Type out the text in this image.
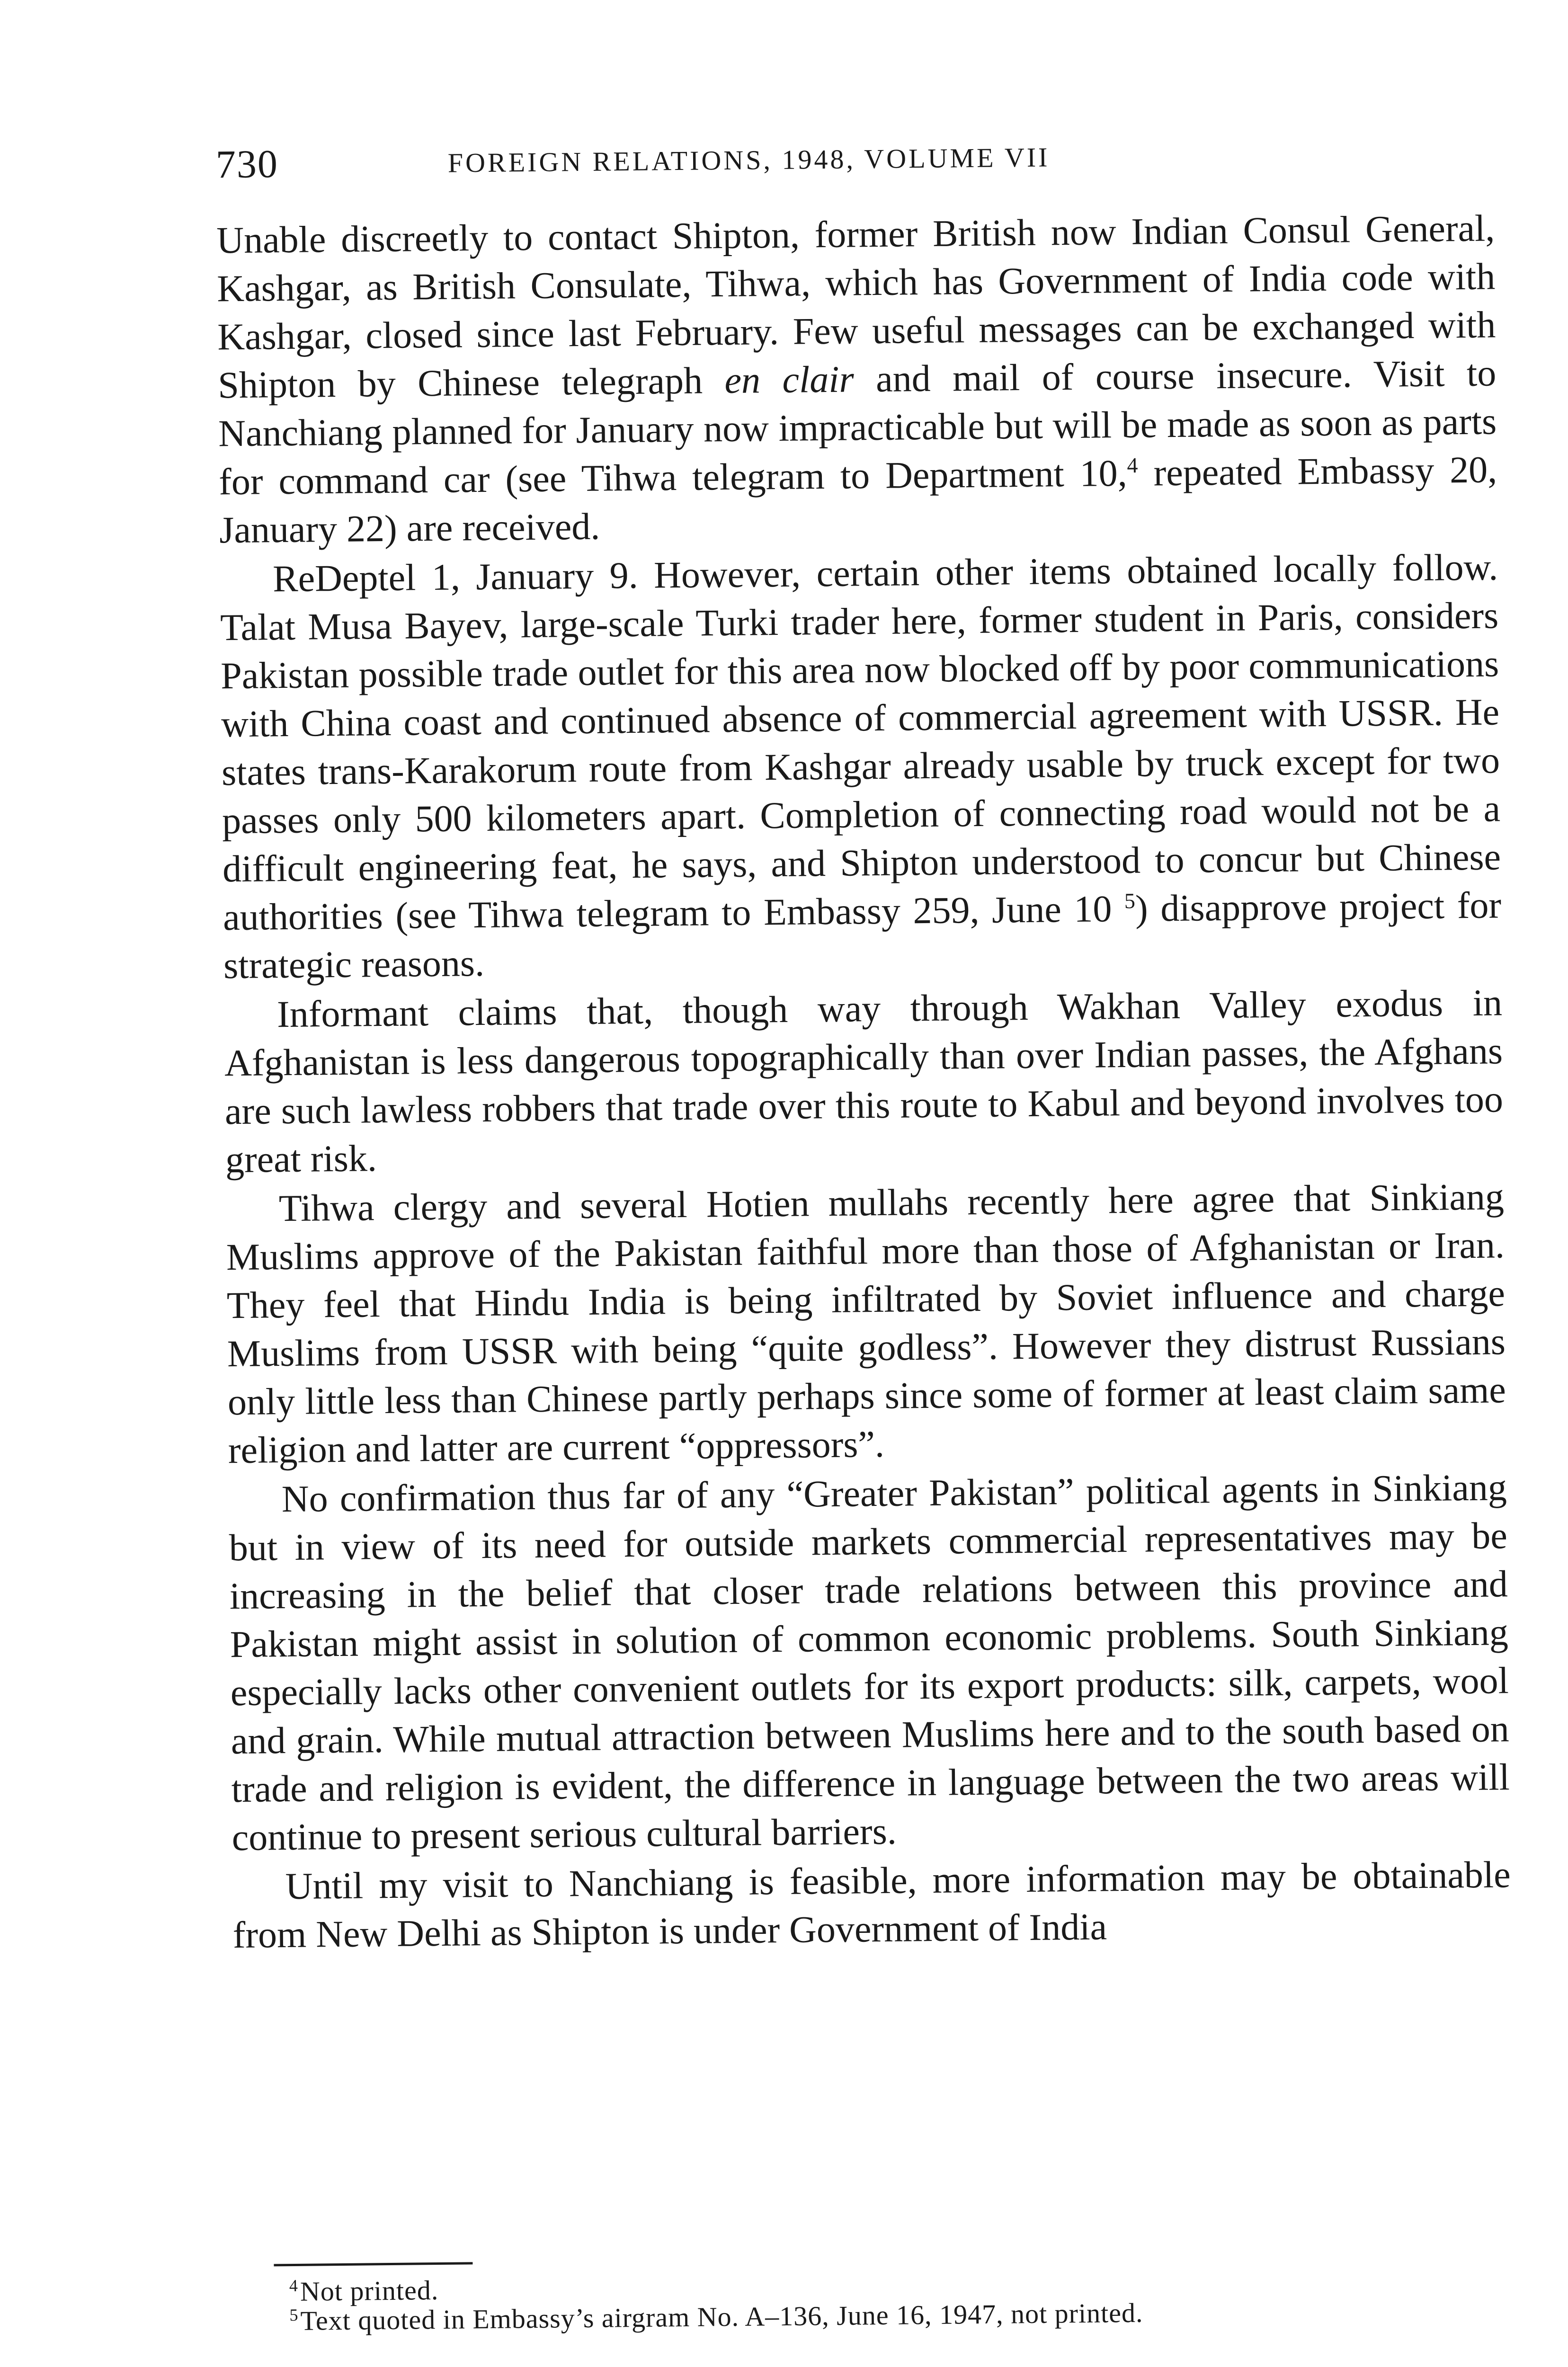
730	FOREIGN RELATIONS, 1948, VOLUME VII

Unable discreetly to contact Shipton, former British now Indian Consul General, Kashgar, as British Consulate, Tihwa, which has Government of India code with Kashgar, closed since last February. Few useful messages can be exchanged with Shipton by Chinese telegraph en clair and mail of course insecure. Visit to Nanchiang planned for January now impracticable but will be made as soon as parts for command car (see Tihwa telegram to Department 10,$^4$ repeated Embassy 20, January 22) are received.

ReDeptel 1, January 9. However, certain other items obtained locally follow. Talat Musa Bayev, large-scale Turki trader here, former student in Paris, considers Pakistan possible trade outlet for this area now blocked off by poor communications with China coast and continued absence of commercial agreement with USSR. He states trans-Karakorum route from Kashgar already usable by truck except for two passes only 500 kilometers apart. Completion of connecting road would not be a difficult engineering feat, he says, and Shipton understood to concur but Chinese authorities (see Tihwa telegram to Embassy 259, June 10 $^5$) disapprove project for strategic reasons.

Informant claims that, though way through Wakhan Valley exodus in Afghanistan is less dangerous topographically than over Indian passes, the Afghans are such lawless robbers that trade over this route to Kabul and beyond involves too great risk.

Tihwa clergy and several Hotien mullahs recently here agree that Sinkiang Muslims approve of the Pakistan faithful more than those of Afghanistan or Iran. They feel that Hindu India is being infiltrated by Soviet influence and charge Muslims from USSR with being “quite godless”. However they distrust Russians only little less than Chinese partly perhaps since some of former at least claim same religion and latter are current “oppressors”.

No confirmation thus far of any “Greater Pakistan” political agents in Sinkiang but in view of its need for outside markets commercial representatives may be increasing in the belief that closer trade relations between this province and Pakistan might assist in solution of common economic problems. South Sinkiang especially lacks other convenient outlets for its export products: silk, carpets, wool and grain. While mutual attraction between Muslims here and to the south based on trade and religion is evident, the difference in language between the two areas will continue to present serious cultural barriers.

Until my visit to Nanchiang is feasible, more information may be obtainable from New Delhi as Shipton is under Government of India

$^4$Not printed.

$^5$Text quoted in Embassy’s airgram No. A–136, June 16, 1947, not printed.
